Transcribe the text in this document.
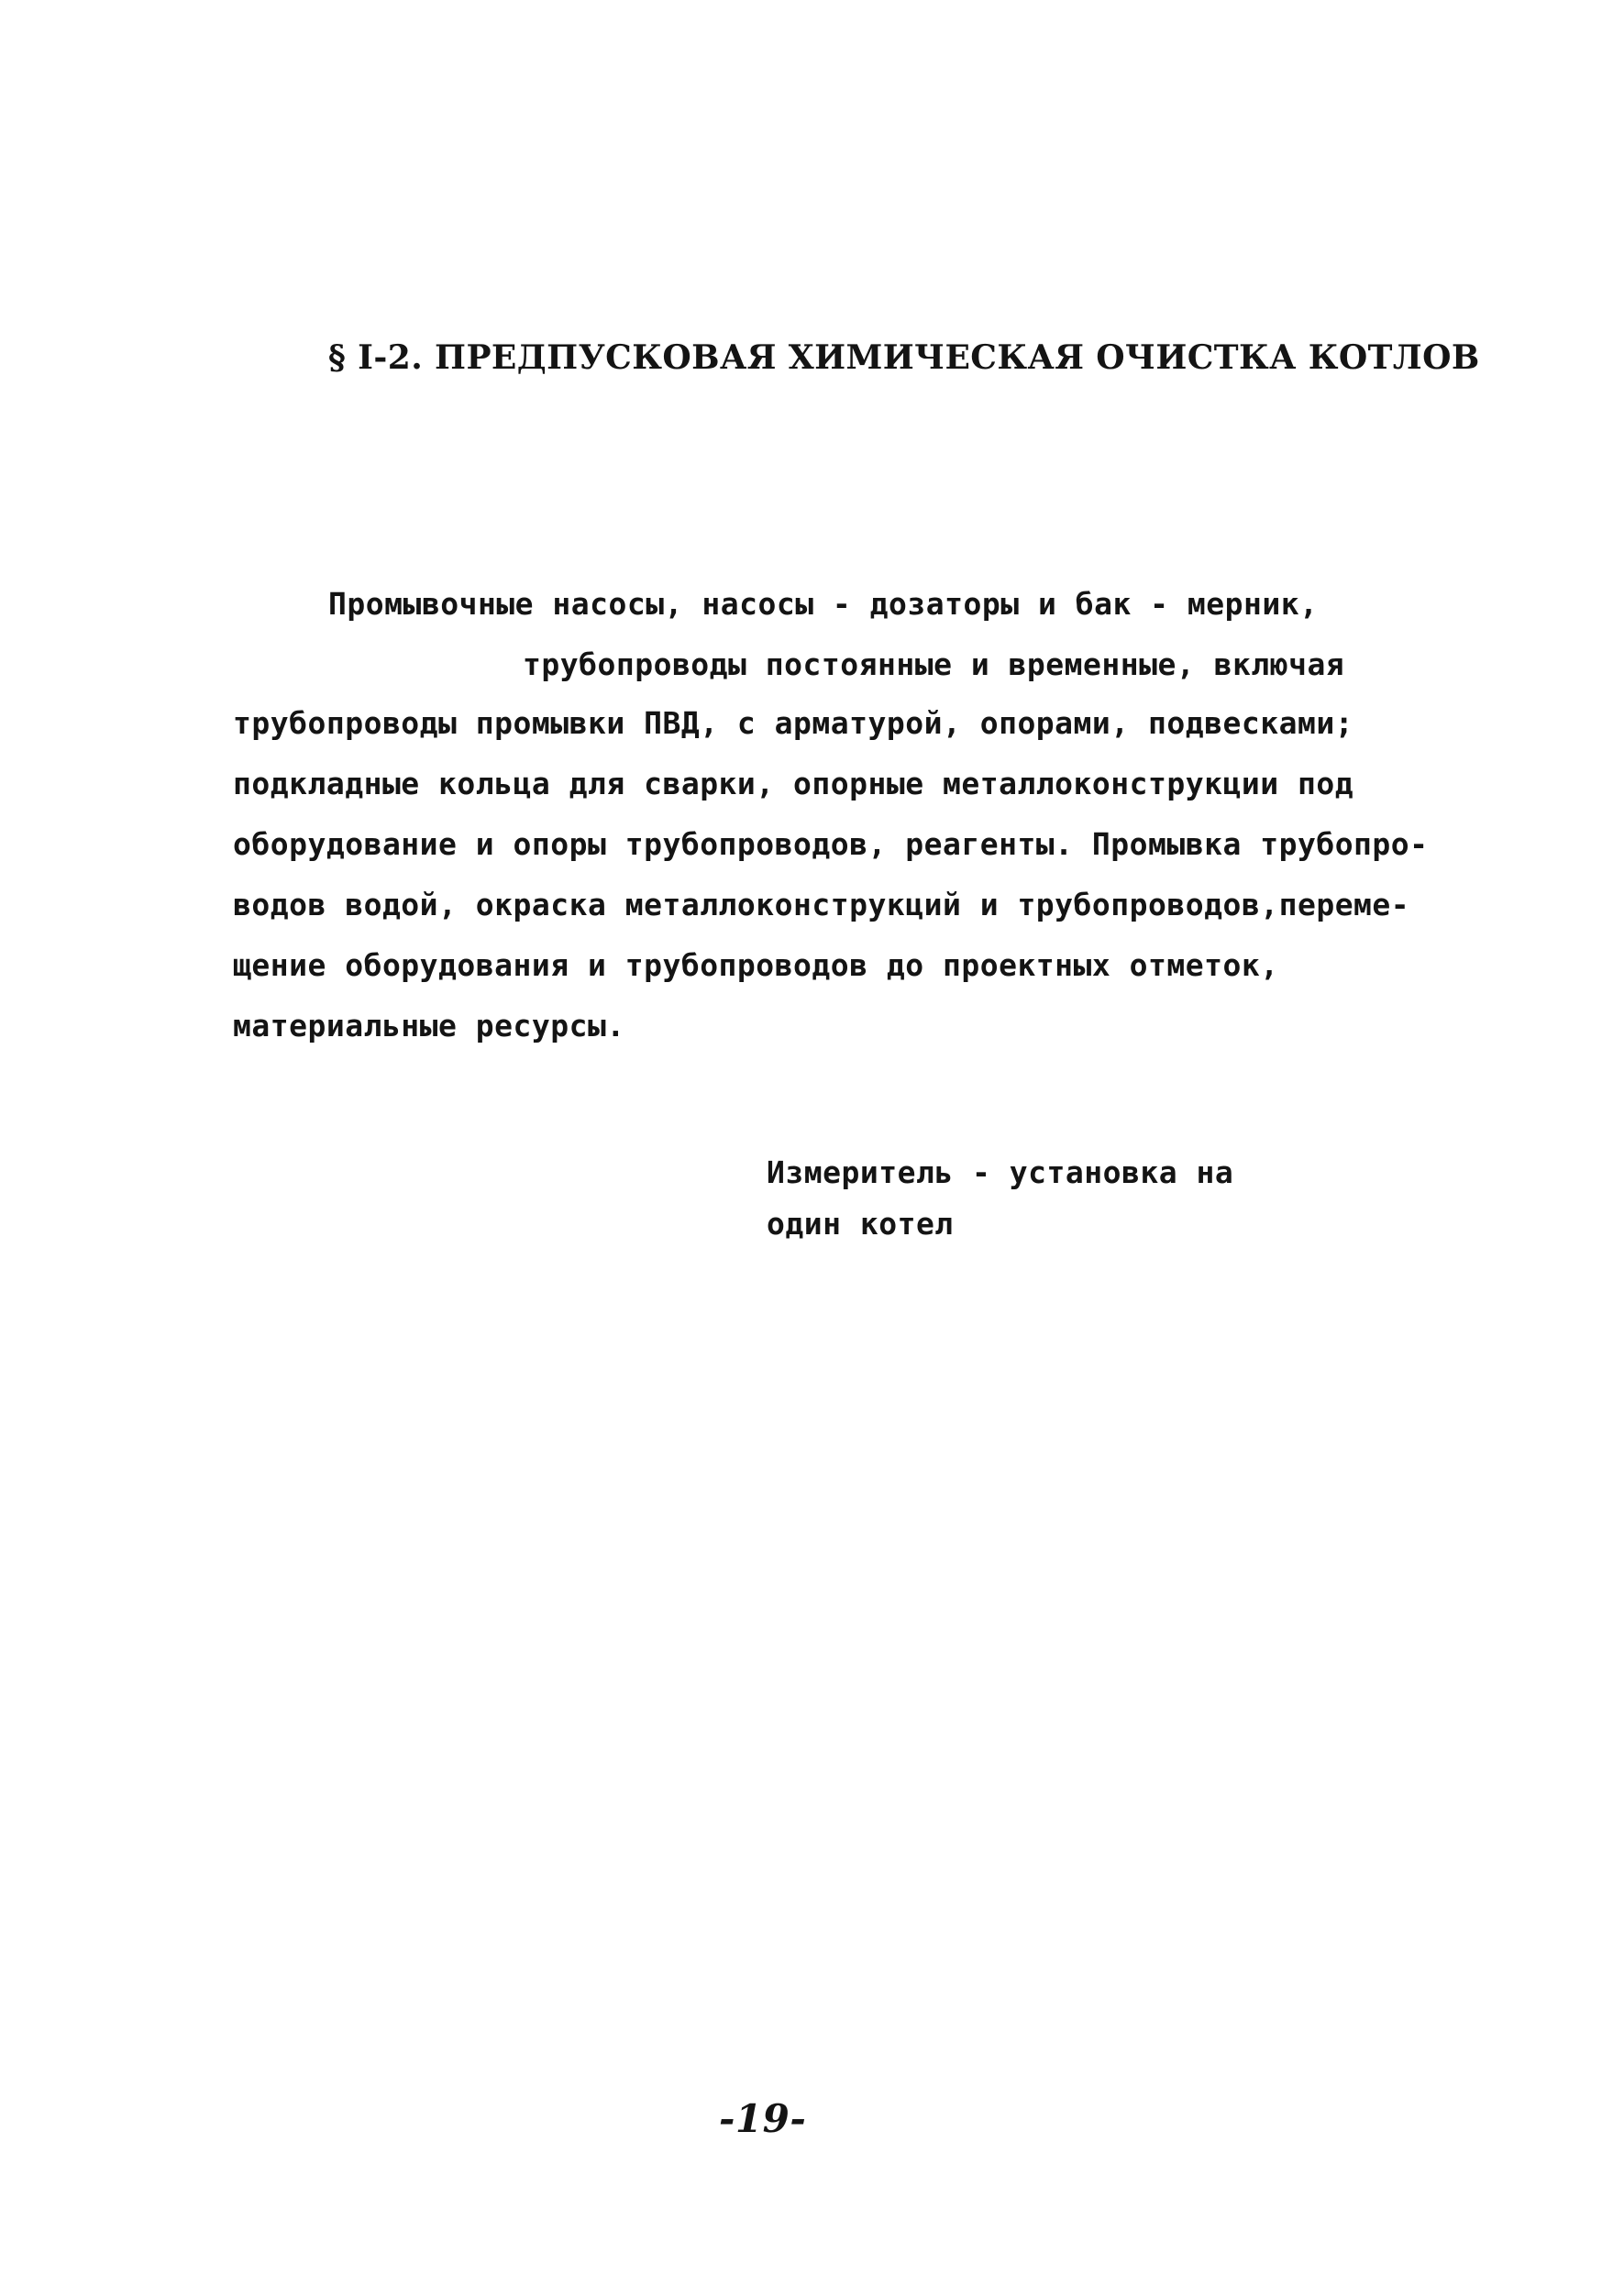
§ I-2. ПРЕДПУСКОВАЯ ХИМИЧЕСКАЯ ОЧИСТКА КОТЛОВ
Промывочные насосы, насосы - дозаторы и бак - мерник,
трубопроводы постоянные и временные, включая
трубопроводы промывки ПВД, с арматурой, опорами, подвесками;
подкладные кольца для сварки, опорные металлоконструкции под
оборудование и опоры трубопроводов, реагенты. Промывка трубопро-
водов водой, окраска металлоконструкций и трубопроводов,переме-
щение оборудования и трубопроводов до проектных отметок,
материальные ресурсы.
Измеритель - установка на
один котел
-19-
